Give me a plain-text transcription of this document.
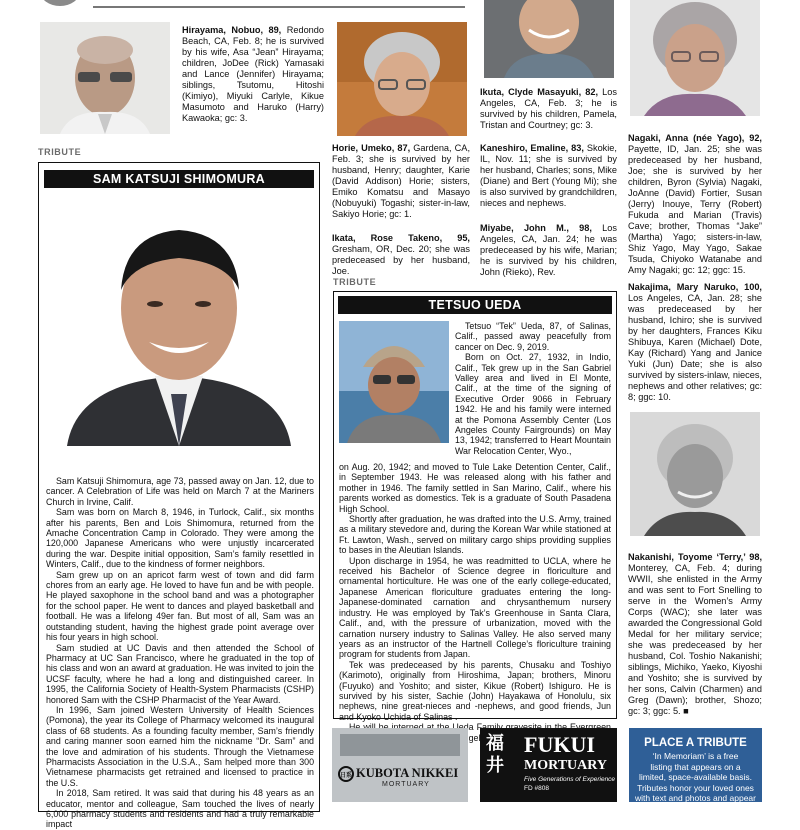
Hirayama, Nobuo, 89, Redondo Beach, CA, Feb. 8; he is survived by his wife, Asa “Jean” Hirayama; children, JoDee (Rick) Yamasaki and Lance (Jennifer) Hirayama; siblings, Tsutomu, Hitoshi (Kimiyo), Miyuki Carlyle, Kikue Masumoto and Haruko (Harry) Kawaoka; gc: 3.

Ikuta, Clyde Masayuki, 82, Los Angeles, CA, Feb. 3; he is survived by his children, Pamela, Tristan and Courtney; gc: 3.

Horie, Umeko, 87, Gardena, CA, Feb. 3; she is survived by her husband, Henry; daughter, Karie (David Addison) Horie; sisters, Emiko Komatsu and Masayo (Nobuyuki) Togashi; sister-in-law, Sakiyo Horie; gc: 1.

Kaneshiro, Emaline, 83, Skokie, IL, Nov. 11; she is survived by her husband, Charles; sons, Mike (Diane) and Bert (Young Mi); she is also survived by grandchildren, nieces and nephews.

Ikata, Rose Takeno, 95, Gresham, OR, Dec. 20; she was predeceased by her husband, Joe.

Miyabe, John M., 98, Los Angeles, CA, Jan. 24; he was predeceased by his wife, Marian; he is survived by his children, John (Rieko), Rev.

Nagaki, Anna (née Yago), 92, Payette, ID, Jan. 25; she was predeceased by her husband, Joe; she is survived by her children, Byron (Sylvia) Nagaki, JoAnne (David) Fortier, Susan (Jerry) Inouye, Terry (Robert) Fukuda and Marian (Travis) Cave; brother, Thomas “Jake” (Martha) Yago; sisters-in-law, Shiz Yago, May Yago, Sakae Tsuda, Chiyoko Watanabe and Amy Nagaki; gc: 12; ggc: 15.

Nakajima, Mary Naruko, 100, Los Angeles, CA, Jan. 28; she was predeceased by her husband, Ichiro; she is survived by her daughters, Frances Kiku Shibuya, Karen (Michael) Dote, Kay (Richard) Yang and Janice Yuki (Jun) Date; she is also survived by sisters-inlaw, nieces, nephews and other relatives; gc: 8; ggc: 10.

Nakanishi, Toyome ‘Terry,’ 98, Monterey, CA, Feb. 4; during WWII, she enlisted in the Army and was sent to Fort Snelling to serve in the Women’s Army Corps (WAC); she later was awarded the Congressional Gold Medal for her military service; she was predeceased by her husband, Col. Toshio Nakanishi; siblings, Michiko, Yaeko, Kiyoshi and Yoshito; she is survived by her sons, Calvin (Charmen) and Greg (Dawn); brother, Shozo; gc: 3; ggc: 5. ■

TRIBUTE
SAM KATSUJI SHIMOMURA

Sam Katsuji Shimomura, age 73, passed away on Jan. 12, due to cancer. A Celebration of Life was held on March 7 at the Mariners Church in Irvine, Calif.

Sam was born on March 8, 1946, in Turlock, Calif., six months after his parents, Ben and Lois Shimomura, returned from the Amache Concentration Camp in Colorado. They were among the 120,000 Japanese Americans who were unjustly incarcerated during the war. Despite initial opposition, Sam’s family resettled in Winters, Calif., due to the kindness of former neighbors.

Sam grew up on an apricot farm west of town and did farm chores from an early age. He loved to have fun and be with people. He played saxophone in the school band and was a photographer for the school paper. He went to dances and played basketball and football. He was a lifelong 49er fan. But most of all, Sam was an outstanding student, having the highest grade point average over his four years in high school.

Sam studied at UC Davis and then attended the School of Pharmacy at UC San Francisco, where he graduated in the top of his class and won an award at graduation. He was invited to join the UCSF faculty, where he had a long and distinguished career. In 1995, the California Society of Health-System Pharmacists (CSHP) honored Sam with the CSHP Pharmacist of the Year Award.

In 1996, Sam joined Western University of Health Sciences (Pomona), the year its College of Pharmacy welcomed its inaugural class of 68 students. As a founding faculty member, Sam’s friendly and caring manner soon earned him the nickname “Dr. Sam” and the love and admiration of his students. Through the Vietnamese Pharmacists Association in the U.S.A., Sam helped more than 300 Vietnamese pharmacists get retrained and licensed to practice in the U.S.

In 2018, Sam retired. It was said that during his 48 years as an educator, mentor and colleague, Sam touched the lives of nearly 6,000 pharmacy students and residents and had a truly remarkable impact

TRIBUTE
TETSUO UEDA

Tetsuo “Tek” Ueda, 87, of Salinas, Calif., passed away peacefully from cancer on Dec. 9, 2019.

Born on Oct. 27, 1932, in Indio, Calif., Tek grew up in the San Gabriel Valley area and lived in El Monte, Calif., at the time of the signing of Executive Order 9066 in February 1942. He and his family were interned at the Pomona Assembly Center (Los Angeles County Fairgrounds) on May 13, 1942; transferred to Heart Mountain War Relocation Center, Wyo.,

on Aug. 20, 1942; and moved to Tule Lake Detention Center, Calif., in September 1943. He was released along with his father and mother in 1946. The family settled in San Marino, Calif., where his parents worked as domestics. Tek is a graduate of South Pasadena High School.

Shortly after graduation, he was drafted into the U.S. Army, trained as a military stevedore and, during the Korean War while stationed at Ft. Lawton, Wash., served on military cargo ships providing supplies to bases in the Aleutian Islands.

Upon discharge in 1954, he was readmitted to UCLA, where he received his Bachelor of Science degree in floriculture and ornamental horticulture. He was one of the early college-educated, Japanese American floriculture graduates entering the long-Japanese-dominated carnation and chrysanthemum nursery industry. He was employed by Tak’s Greenhouse in Santa Clara, Calif., and, with the pressure of urbanization, moved with the carnation nursery industry to Salinas Valley. He also served many years as an instructor of the Hartnell College’s floriculture training program for students from Japan.

Tek was predeceased by his parents, Chusaku and Toshiyo (Karimoto), originally from Hiroshima, Japan; brothers, Minoru (Fuyuko) and Yoshito; and sister, Kikue (Robert) Ishiguro. He is survived by his sister, Sachie (John) Hayakawa of Honolulu, six nephews, nine great-nieces and -nephews, and good friends, Jun and Kyoko Uchida of Salinas .

Angeles.

日系 KUBOTA NIKKEI
MORTUARY
福井
FUKUI
MORTUARY
Five Generations of Experience
FD #808
PLACE A TRIBUTE
‘In Memoriam’ is a free
listing that appears on a
limited, space-available basis.
Tributes honor your loved ones
with text and photos and appear
